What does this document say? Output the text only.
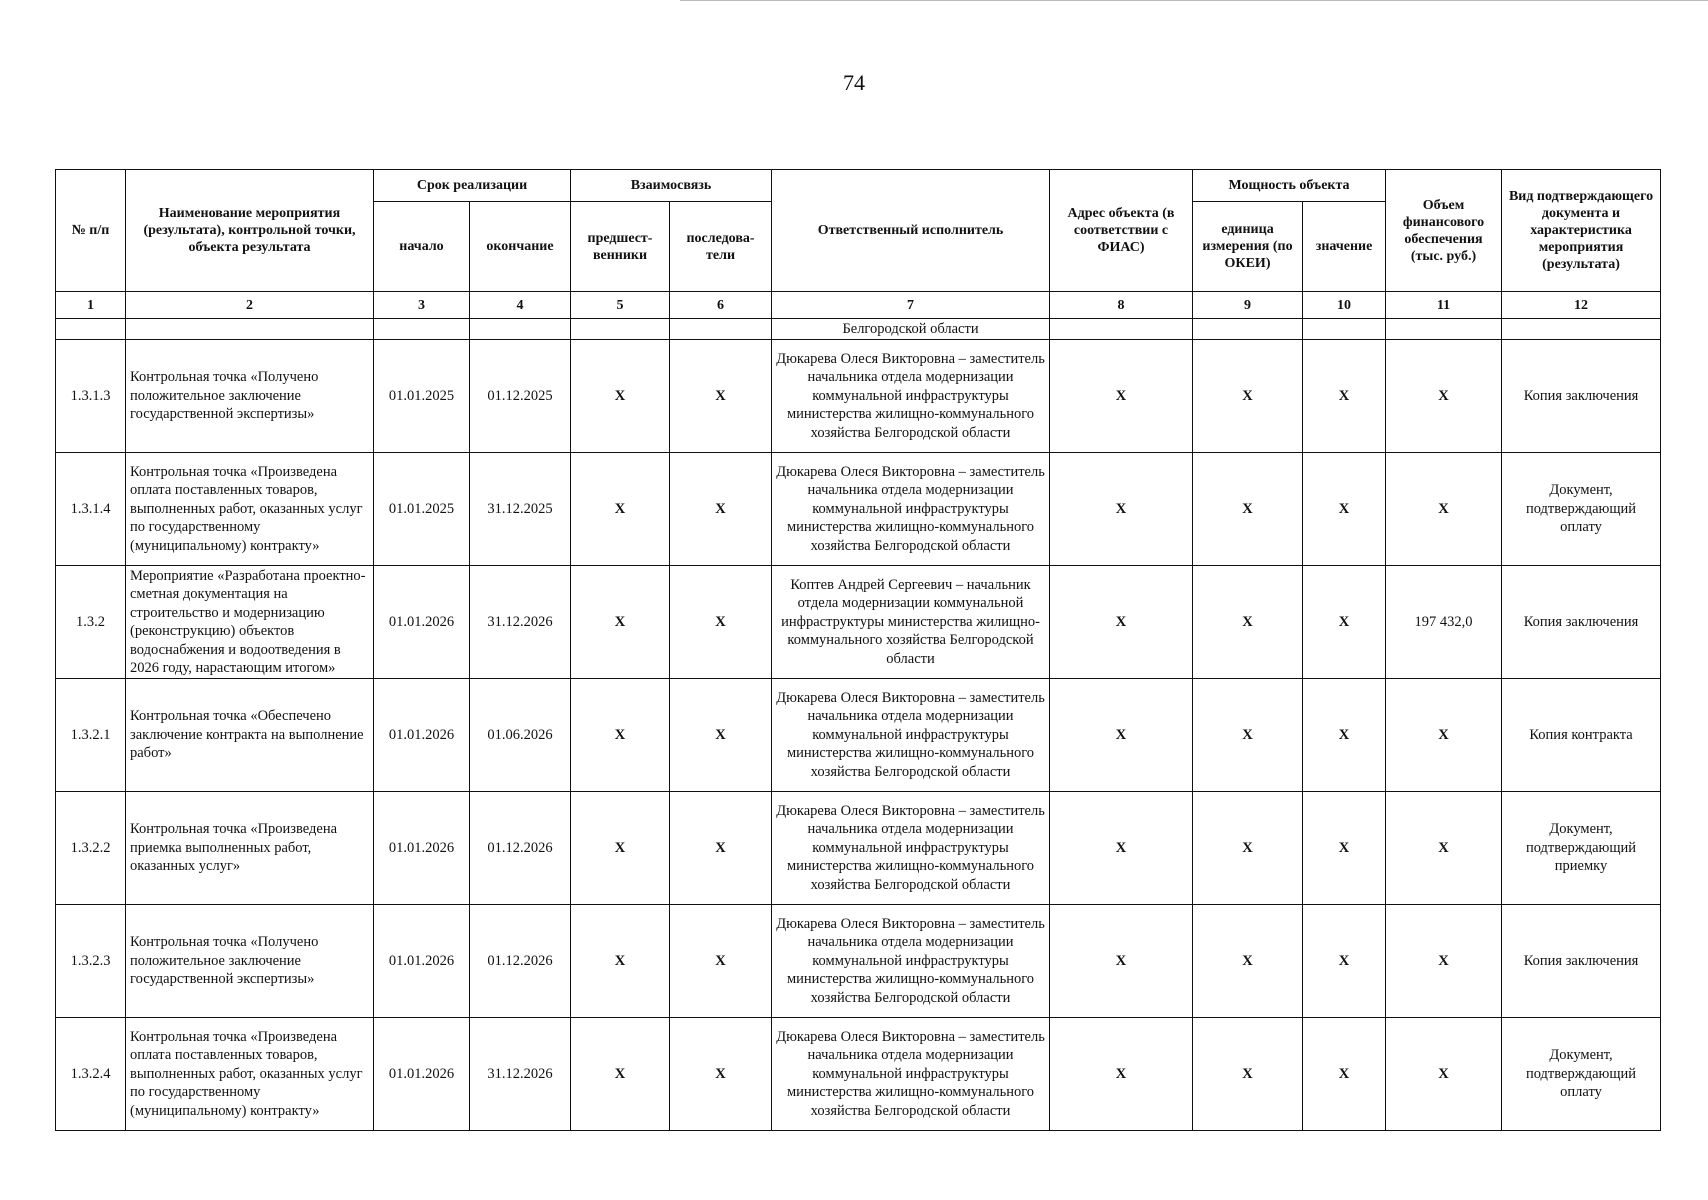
74
№ п/п	Наименование мероприятия (результата), контрольной точки, объекта результата	Срок реализации		Взаимосвязь		Ответственный исполнитель	Адрес объекта (в соответствии с ФИАС)	Мощность объекта		Объем финансового обеспечения (тыс. руб.)	Вид подтверждающего документа и характеристика мероприятия (результата)
		начало	окончание	предшест-венники	последова-тели			единица измерения (по ОКЕИ)	значение		
1	2	3	4	5	6	7	8	9	10	11	12
						Белгородской области					
1.3.1.3	Контрольная точка «Получено положительное заключение государственной экспертизы»	01.01.2025	01.12.2025	X	X	Дюкарева Олеся Викторовна – заместитель начальника отдела модернизации коммунальной инфраструктуры министерства жилищно-коммунального хозяйства Белгородской области	X	X	X	X	Копия заключения
1.3.1.4	Контрольная точка «Произведена оплата поставленных товаров, выполненных работ, оказанных услуг по государственному (муниципальному) контракту»	01.01.2025	31.12.2025	X	X	Дюкарева Олеся Викторовна – заместитель начальника отдела модернизации коммунальной инфраструктуры министерства жилищно-коммунального хозяйства Белгородской области	X	X	X	X	Документ, подтверждающий оплату
1.3.2	Мероприятие «Разработана проектно-сметная документация на строительство и модернизацию (реконструкцию) объектов водоснабжения и водоотведения в 2026 году, нарастающим итогом»	01.01.2026	31.12.2026	X	X	Коптев Андрей Сергеевич – начальник отдела модернизации коммунальной инфраструктуры министерства жилищно-коммунального хозяйства Белгородской области	X	X	X	197 432,0	Копия заключения
1.3.2.1	Контрольная точка «Обеспечено заключение контракта на выполнение работ»	01.01.2026	01.06.2026	X	X	Дюкарева Олеся Викторовна – заместитель начальника отдела модернизации коммунальной инфраструктуры министерства жилищно-коммунального хозяйства Белгородской области	X	X	X	X	Копия контракта
1.3.2.2	Контрольная точка «Произведена приемка выполненных работ, оказанных услуг»	01.01.2026	01.12.2026	X	X	Дюкарева Олеся Викторовна – заместитель начальника отдела модернизации коммунальной инфраструктуры министерства жилищно-коммунального хозяйства Белгородской области	X	X	X	X	Документ, подтверждающий приемку
1.3.2.3	Контрольная точка «Получено положительное заключение государственной экспертизы»	01.01.2026	01.12.2026	X	X	Дюкарева Олеся Викторовна – заместитель начальника отдела модернизации коммунальной инфраструктуры министерства жилищно-коммунального хозяйства Белгородской области	X	X	X	X	Копия заключения
1.3.2.4	Контрольная точка «Произведена оплата поставленных товаров, выполненных работ, оказанных услуг по государственному (муниципальному) контракту»	01.01.2026	31.12.2026	X	X	Дюкарева Олеся Викторовна – заместитель начальника отдела модернизации коммунальной инфраструктуры министерства жилищно-коммунального хозяйства Белгородской области	X	X	X	X	Документ, подтверждающий оплату
